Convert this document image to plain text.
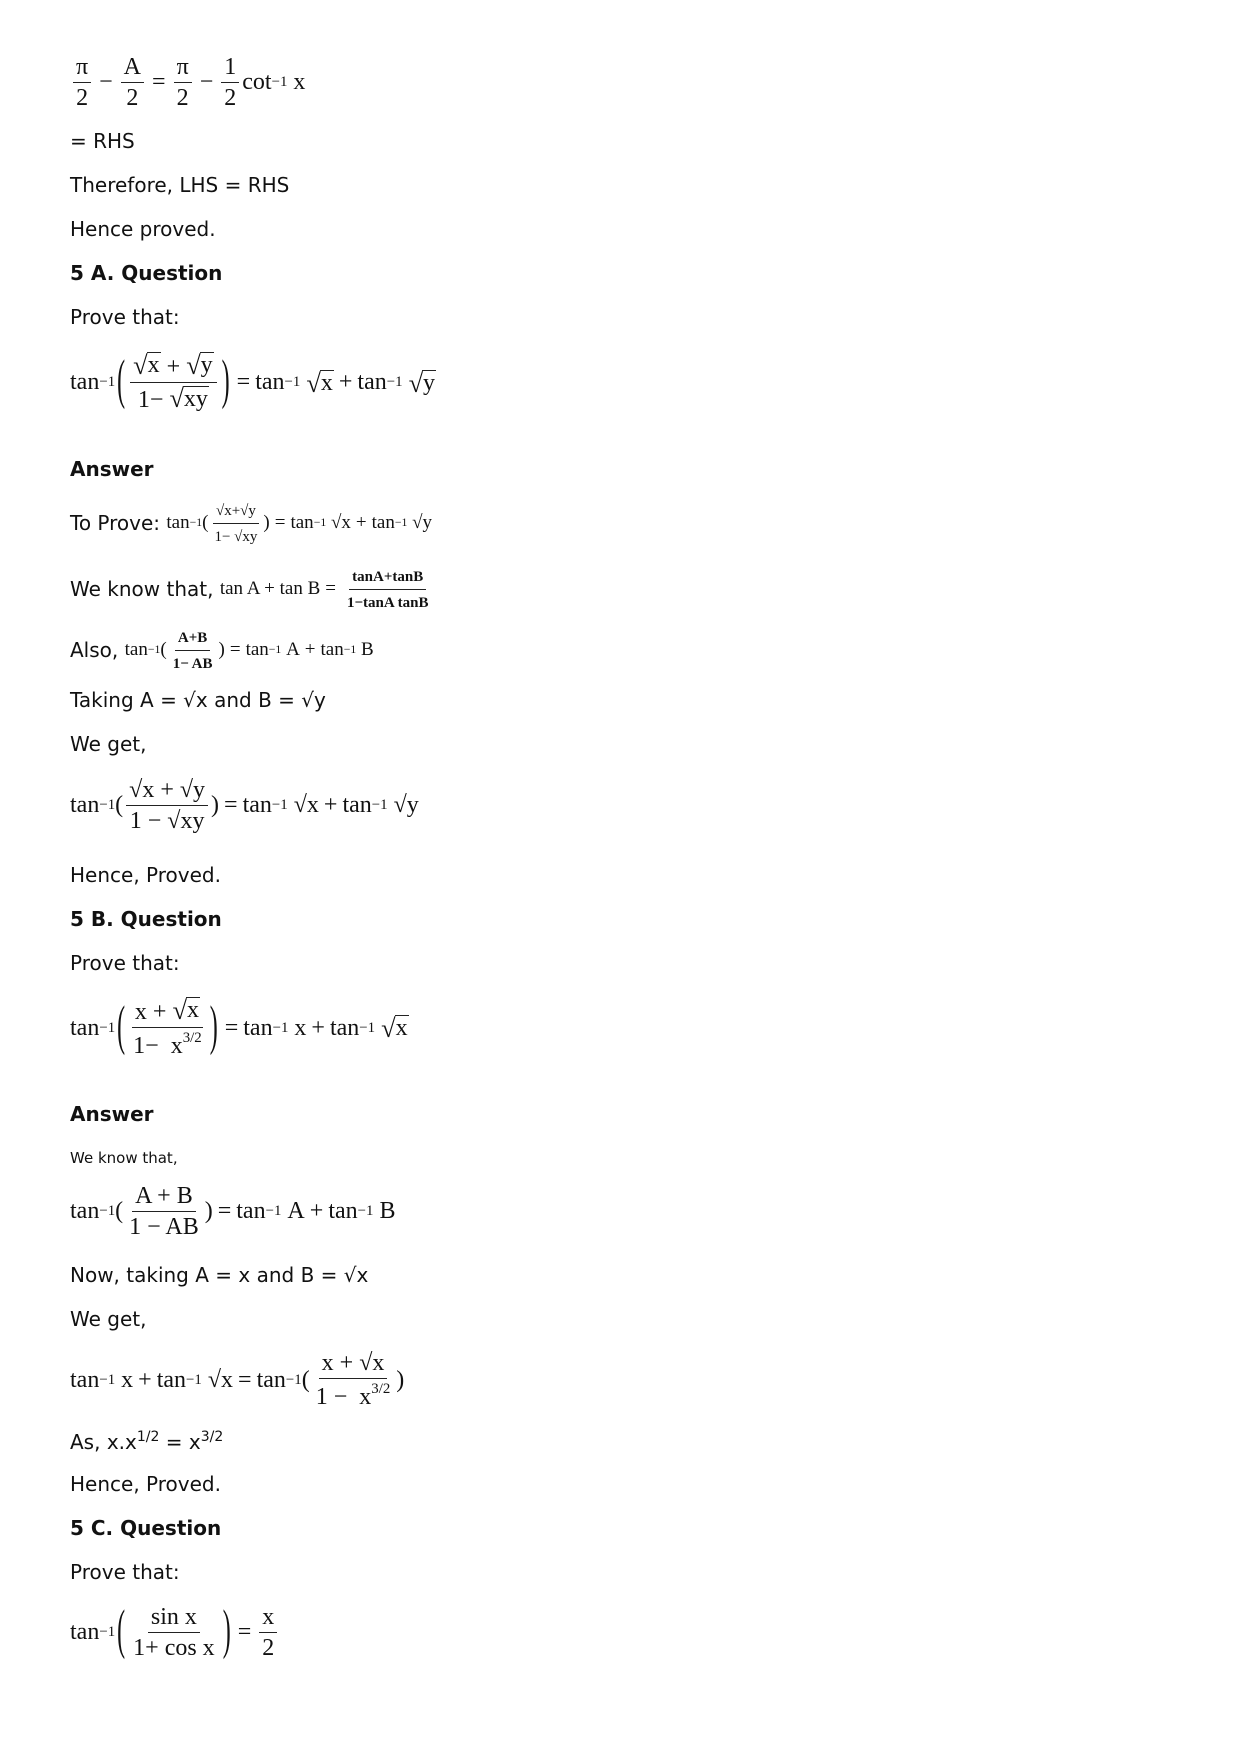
$\frac{\pi}{2} - \frac{A}{2} = \frac{\pi}{2} - \frac{1}{2}$ cot −1 x
= RHS
Therefore, LHS = RHS
Hence proved.
5 A. Question
Prove that:
tan −1 ( $\frac{√ x + √ y}{1- √ xy}$ ) = tan −1
√ x + tan −1
√ y
Answer
To Prove:
tan −1 ( $\frac{√x+√y}{1- √xy}$ ) = tan −1 √x + tan −1 √y
We know that,
$\tan A + \tan B = \frac{\tan A+\tan B}{\text{1−tanA tanB}}$
Also,
tan −1 ( $\frac{A+B}{1- AB}$ ) = tan −1 A + tan −1 B
Taking A = √x and B = √y
We get,
tan −1 ( $\frac{√x + √y}{1 - √xy}$ ) = tan −1 √x + tan −1 √y
Hence, Proved.
5 B. Question
Prove that:
tan −1 ( $\frac{x + √ x}{1- x^{3/2}}$ ) = tan −1 x + tan −1
√ x
Answer
We know that,
tan −1 ( $\frac{A + B}{1 - AB}$ ) = tan −1 A + tan −1 B
Now, taking A = x and B = √x
We get,
tan −1 x + tan −1 √x = tan −1 ( $\frac{x + √x}{1 - x^{3/2}}$ )
As, $x.x^{1/2} = x^{3/2}$
Hence, Proved.
5 C. Question
Prove that:
tan −1 ( $\frac{\text{sin x}}{\text{1+ cos x}}$ ) = $\frac{x}{2}$
